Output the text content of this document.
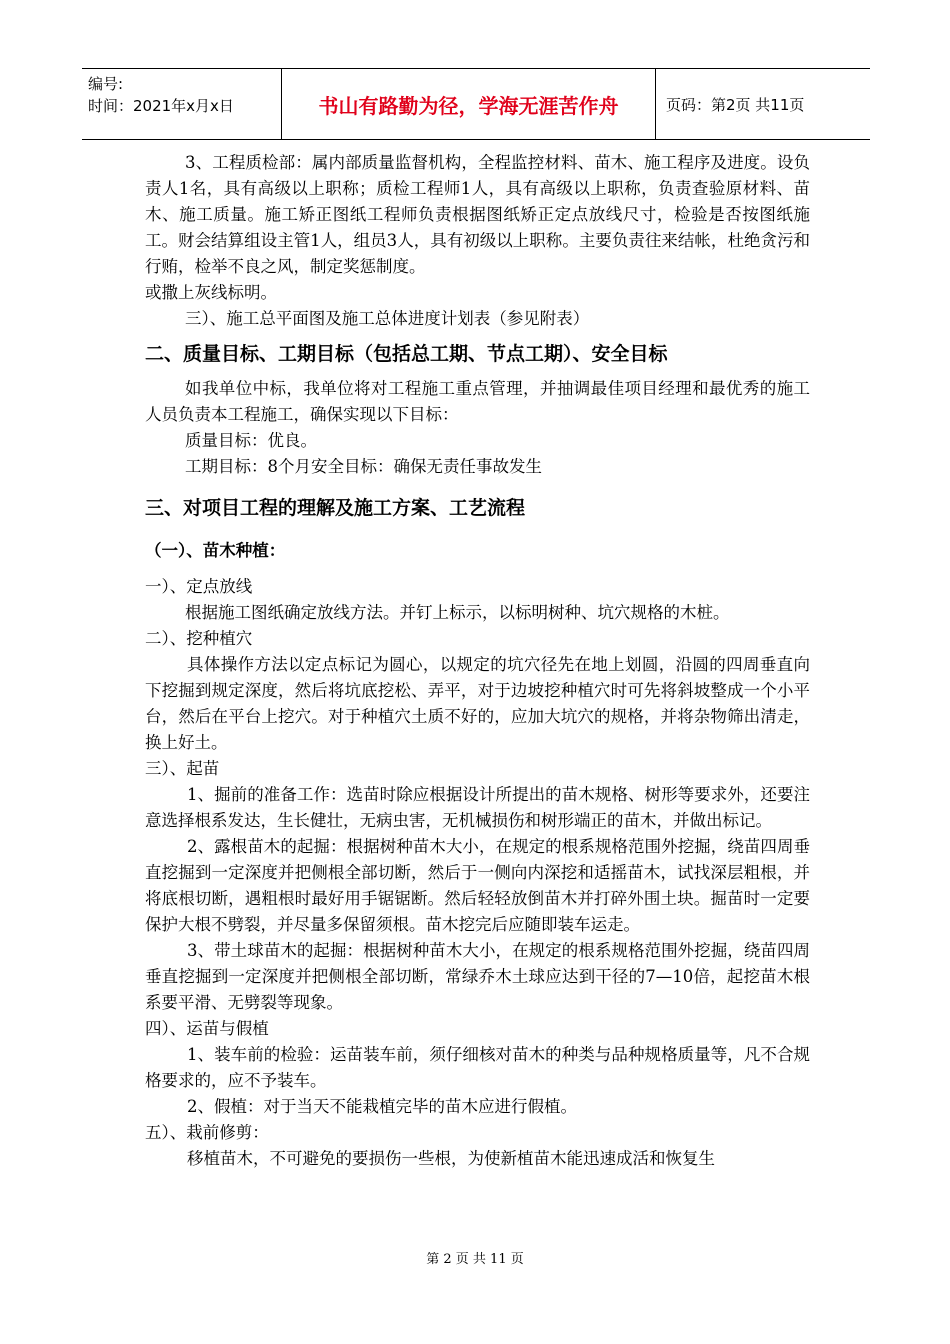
编号:
时间：2021年x月x日	书山有路勤为径，学海无涯苦作舟	页码：第2页 共11页

3、工程质检部：属内部质量监督机构，全程监控材料、苗木、施工程序及进度。设负责人1名，具有高级以上职称；质检工程师1人，具有高级以上职称，负责查验原材料、苗木、施工质量。施工矫正图纸工程师负责根据图纸矫正定点放线尺寸，检验是否按图纸施工。财会结算组设主管1人，组员3人，具有初级以上职称。主要负责往来结帐，杜绝贪污和行贿，检举不良之风，制定奖惩制度。

或撒上灰线标明。

三）、施工总平面图及施工总体进度计划表（参见附表）

二、质量目标、工期目标（包括总工期、节点工期）、安全目标

如我单位中标，我单位将对工程施工重点管理，并抽调最佳项目经理和最优秀的施工人员负责本工程施工，确保实现以下目标：

质量目标：优良。

工期目标：8个月安全目标：确保无责任事故发生

三、对项目工程的理解及施工方案、工艺流程

（一）、苗木种植：

一）、定点放线

根据施工图纸确定放线方法。并钉上标示，以标明树种、坑穴规格的木桩。

二）、挖种植穴

具体操作方法以定点标记为圆心，以规定的坑穴径先在地上划圆，沿圆的四周垂直向下挖掘到规定深度，然后将坑底挖松、弄平，对于边坡挖种植穴时可先将斜坡整成一个小平台，然后在平台上挖穴。对于种植穴土质不好的，应加大坑穴的规格，并将杂物筛出清走，换上好土。

三）、起苗

1、掘前的准备工作：选苗时除应根据设计所提出的苗木规格、树形等要求外，还要注意选择根系发达，生长健壮，无病虫害，无机械损伤和树形端正的苗木，并做出标记。

2、露根苗木的起掘：根据树种苗木大小，在规定的根系规格范围外挖掘，绕苗四周垂直挖掘到一定深度并把侧根全部切断，然后于一侧向内深挖和适摇苗木，试找深层粗根，并将底根切断，遇粗根时最好用手锯锯断。然后轻轻放倒苗木并打碎外围土块。掘苗时一定要保护大根不劈裂，并尽量多保留须根。苗木挖完后应随即装车运走。

3、带土球苗木的起掘：根据树种苗木大小，在规定的根系规格范围外挖掘，绕苗四周垂直挖掘到一定深度并把侧根全部切断，常绿乔木土球应达到干径的7—10倍，起挖苗木根系要平滑、无劈裂等现象。

四）、运苗与假植

1、装车前的检验：运苗装车前，须仔细核对苗木的种类与品种规格质量等，凡不合规格要求的，应不予装车。

2、假植：对于当天不能栽植完毕的苗木应进行假植。

五）、栽前修剪：

移植苗木，不可避免的要损伤一些根，为使新植苗木能迅速成活和恢复生

第 2 页 共 11 页
